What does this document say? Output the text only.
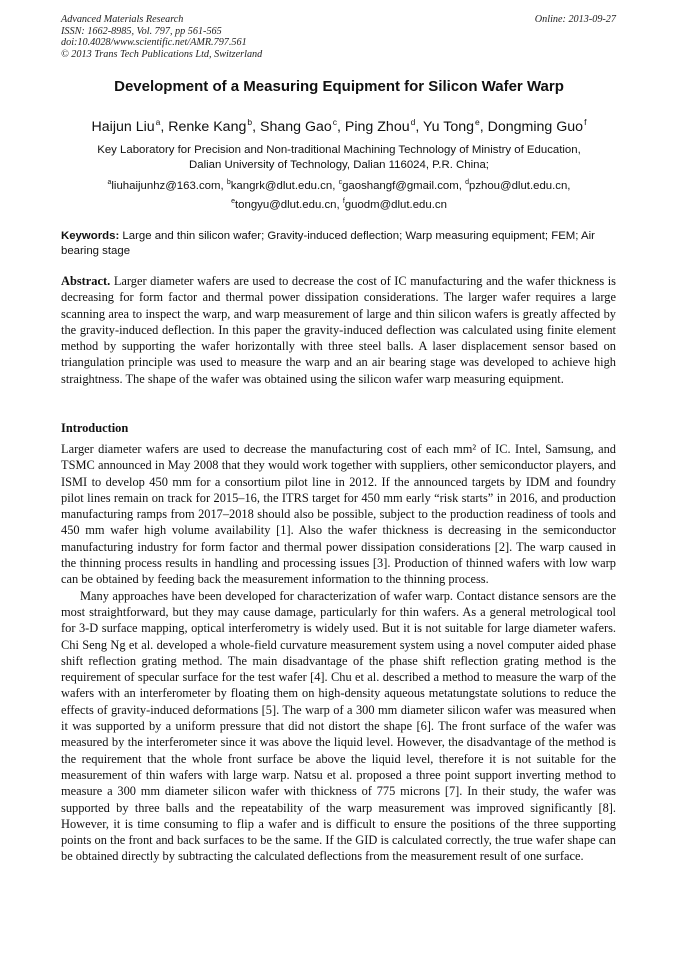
Advanced Materials Research
ISSN: 1662-8985, Vol. 797, pp 561-565
doi:10.4028/www.scientific.net/AMR.797.561
© 2013 Trans Tech Publications Ltd, Switzerland
Online: 2013-09-27
Development of a Measuring Equipment for Silicon Wafer Warp
Haijun Liu$^a$, Renke Kang$^b$, Shang Gao$^c$, Ping Zhou$^d$, Yu Tong$^e$, Dongming Guo$^f$
Key Laboratory for Precision and Non-traditional Machining Technology of Ministry of Education,
Dalian University of Technology, Dalian 116024, P.R. China;
$^a$liuhaijunhz@163.com, $^b$kangrk@dlut.edu.cn, $^c$gaoshangf@gmail.com, $^d$pzhou@dlut.edu.cn,
$^e$tongyu@dlut.edu.cn, $^f$guodm@dlut.edu.cn
Keywords: Large and thin silicon wafer; Gravity-induced deflection; Warp measuring equipment; FEM; Air bearing stage
Abstract. Larger diameter wafers are used to decrease the cost of IC manufacturing and the wafer thickness is decreasing for form factor and thermal power dissipation considerations. The larger wafer requires a large scanning area to inspect the warp, and warp measurement of large and thin silicon wafers is greatly affected by the gravity-induced deflection. In this paper the gravity-induced deflection was calculated using finite element method by supporting the wafer horizontally with three steel balls. A laser displacement sensor based on triangulation principle was used to measure the warp and an air bearing stage was developed to achieve high straightness. The shape of the wafer was obtained using the silicon wafer warp measuring equipment.
Introduction

Larger diameter wafers are used to decrease the manufacturing cost of each mm² of IC. Intel, Samsung, and TSMC announced in May 2008 that they would work together with suppliers, other semiconductor players, and ISMI to develop 450 mm for a consortium pilot line in 2012. If the announced targets by IDM and foundry pilot lines remain on track for 2015–16, the ITRS target for 450 mm early “risk starts” in 2016, and production manufacturing ramps from 2017–2018 should also be possible, subject to the production readiness of tools and 450 mm wafer high volume availability [1]. Also the wafer thickness is decreasing in the semiconductor manufacturing industry for form factor and thermal power dissipation considerations [2]. The warp caused in the thinning process results in handling and processing issues [3]. Production of thinned wafers with low warp can be obtained by feeding back the measurement information to the thinning process.

Many approaches have been developed for characterization of wafer warp. Contact distance sensors are the most straightforward, but they may cause damage, particularly for thin wafers. As a general metrological tool for 3-D surface mapping, optical interferometry is widely used. But it is not suitable for large diameter wafers. Chi Seng Ng et al. developed a whole-field curvature measurement system using a novel computer aided phase shift reflection grating method. The main disadvantage of the phase shift reflection grating method is the requirement of specular surface for the test wafer [4]. Chu et al. described a method to measure the warp of the wafers with an interferometer by floating them on high-density aqueous metatungstate solutions to reduce the effects of gravity-induced deformations [5]. The warp of a 300 mm diameter silicon wafer was measured when it was supported by a uniform pressure that did not distort the shape [6]. The front surface of the wafer was measured by the interferometer since it was above the liquid level. However, the disadvantage of the method is the requirement that the whole front surface be above the liquid level, therefore it is not suitable for the measurement of thin wafers with large warp. Natsu et al. proposed a three point support inverting method to measure a 300 mm diameter silicon wafer with thickness of 775 microns [7]. In their study, the wafer was supported by three balls and the repeatability of the warp measurement was improved significantly [8]. However, it is time consuming to flip a wafer and is difficult to ensure the positions of the three supporting points on the front and back surfaces to be the same. If the GID is calculated correctly, the true wafer shape can be obtained directly by subtracting the calculated deflections from the measurement result of one surface.
